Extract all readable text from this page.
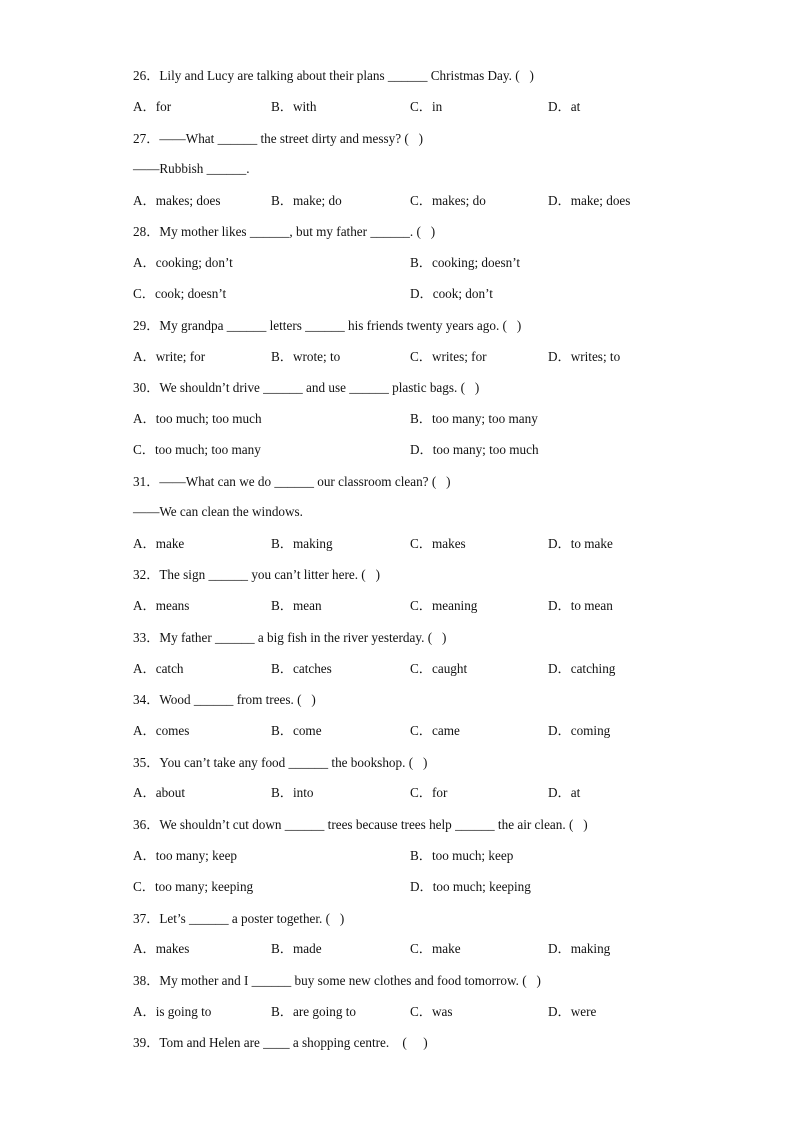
26．Lily and Lucy are talking about their plans ______ Christmas Day. (   )
A．for	B．with	C．in	D．at
27．——What ______ the street dirty and messy? (   )
——Rubbish ______.
A．makes; does	B．make; do	C．makes; do	D．make; does
28．My mother likes ______, but my father ______. (   )
A．cooking; don’t	B．cooking; doesn’t
C．cook; doesn’t	D．cook; don’t
29．My grandpa ______ letters ______ his friends twenty years ago. (   )
A．write; for	B．wrote; to	C．writes; for	D．writes; to
30．We shouldn’t drive ______ and use ______ plastic bags. (   )
A．too much; too much	B．too many; too many
C．too much; too many	D．too many; too much
31．——What can we do ______ our classroom clean? (   )
——We can clean the windows.
A．make	B．making	C．makes	D．to make
32．The sign ______ you can’t litter here. (   )
A．means	B．mean	C．meaning	D．to mean
33．My father ______ a big fish in the river yesterday. (   )
A．catch	B．catches	C．caught	D．catching
34．Wood ______ from trees. (   )
A．comes	B．come	C．came	D．coming
35．You can’t take any food ______ the bookshop. (   )
A．about	B．into	C．for	D．at
36．We shouldn’t cut down ______ trees because trees help ______ the air clean. (   )
A．too many; keep	B．too much; keep
C．too many; keeping	D．too much; keeping
37．Let’s ______ a poster together. (   )
A．makes	B．made	C．make	D．making
38．My mother and I ______ buy some new clothes and food tomorrow. (   )
A．is going to	B．are going to	C．was	D．were
39．Tom and Helen are ____ a shopping centre.    (     )
